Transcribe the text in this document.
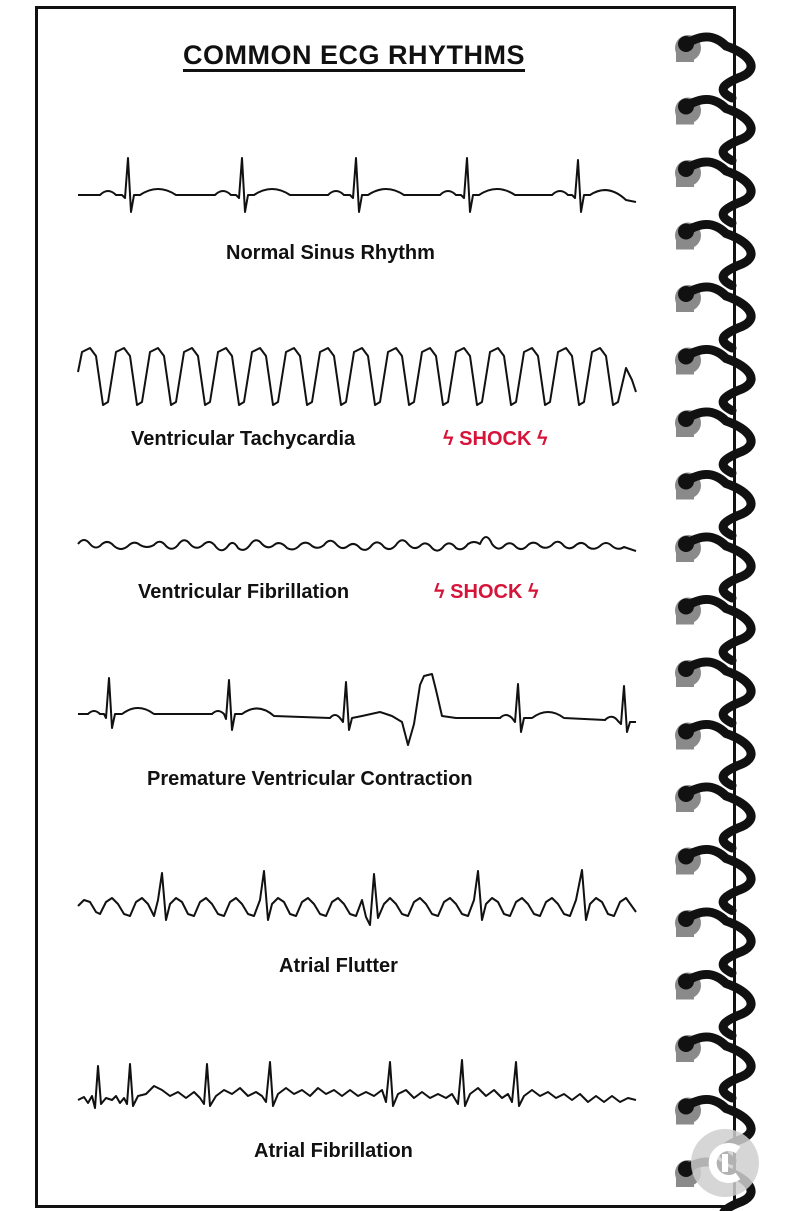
COMMON ECG RHYTHMS
Normal Sinus Rhythm
Ventricular Tachycardia	ϟ SHOCK ϟ
Ventricular Fibrillation	ϟ SHOCK ϟ
Premature Ventricular Contraction
Atrial Flutter
Atrial Fibrillation
